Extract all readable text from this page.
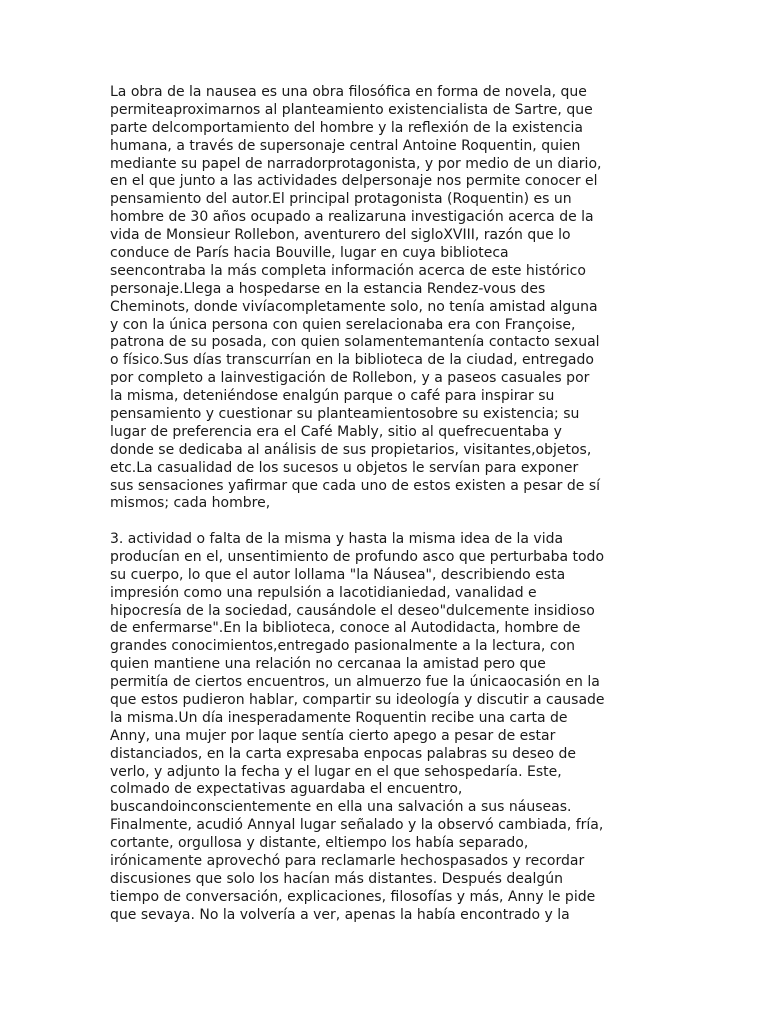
La obra de la nausea es una obra filosófica en forma de novela, que
permiteaproximarnos al planteamiento existencialista de Sartre, que
parte delcomportamiento del hombre y la reflexión de la existencia
humana, a través de supersonaje central Antoine Roquentin, quien
mediante su papel de narradorprotagonista, y por medio de un diario,
en el que junto a las actividades delpersonaje nos permite conocer el
pensamiento del autor.El principal protagonista (Roquentin) es un
hombre de 30 años ocupado a realizaruna investigación acerca de la
vida de Monsieur Rollebon, aventurero del sigloXVIII, razón que lo
conduce de París hacia Bouville, lugar en cuya biblioteca
seencontraba la más completa información acerca de este histórico
personaje.Llega a hospedarse en la estancia Rendez-vous des
Cheminots, donde vivíacompletamente solo, no tenía amistad alguna
y con la única persona con quien serelacionaba era con Françoise,
patrona de su posada, con quien solamentemantenía contacto sexual
o físico.Sus días transcurrían en la biblioteca de la ciudad, entregado
por completo a lainvestigación de Rollebon, y a paseos casuales por
la misma, deteniéndose enalgún parque o café para inspirar su
pensamiento y cuestionar su planteamientosobre su existencia; su
lugar de preferencia era el Café Mably, sitio al quefrecuentaba y
donde se dedicaba al análisis de sus propietarios, visitantes,objetos,
etc.La casualidad de los sucesos u objetos le servían para exponer
sus sensaciones yafirmar que cada uno de estos existen a pesar de sí
mismos; cada hombre,

3. actividad o falta de la misma y hasta la misma idea de la vida
producían en el, unsentimiento de profundo asco que perturbaba todo
su cuerpo, lo que el autor lollama "la Náusea", describiendo esta
impresión como una repulsión a lacotidianiedad, vanalidad e
hipocresía de la sociedad, causándole el deseo"dulcemente insidioso
de enfermarse".En la biblioteca, conoce al Autodidacta, hombre de
grandes conocimientos,entregado pasionalmente a la lectura, con
quien mantiene una relación no cercanaa la amistad pero que
permitía de ciertos encuentros, un almuerzo fue la únicaocasión en la
que estos pudieron hablar, compartir su ideología y discutir a causade
la misma.Un día inesperadamente Roquentin recibe una carta de
Anny, una mujer por laque sentía cierto apego a pesar de estar
distanciados, en la carta expresaba enpocas palabras su deseo de
verlo, y adjunto la fecha y el lugar en el que sehospedaría. Este,
colmado de expectativas aguardaba el encuentro,
buscandoinconscientemente en ella una salvación a sus náuseas.
Finalmente, acudió Annyal lugar señalado y la observó cambiada, fría,
cortante, orgullosa y distante, eltiempo los había separado,
irónicamente aprovechó para reclamarle hechospasados y recordar
discusiones que solo los hacían más distantes. Después dealgún
tiempo de conversación, explicaciones, filosofías y más, Anny le pide
que sevaya. No la volvería a ver, apenas la había encontrado y la
